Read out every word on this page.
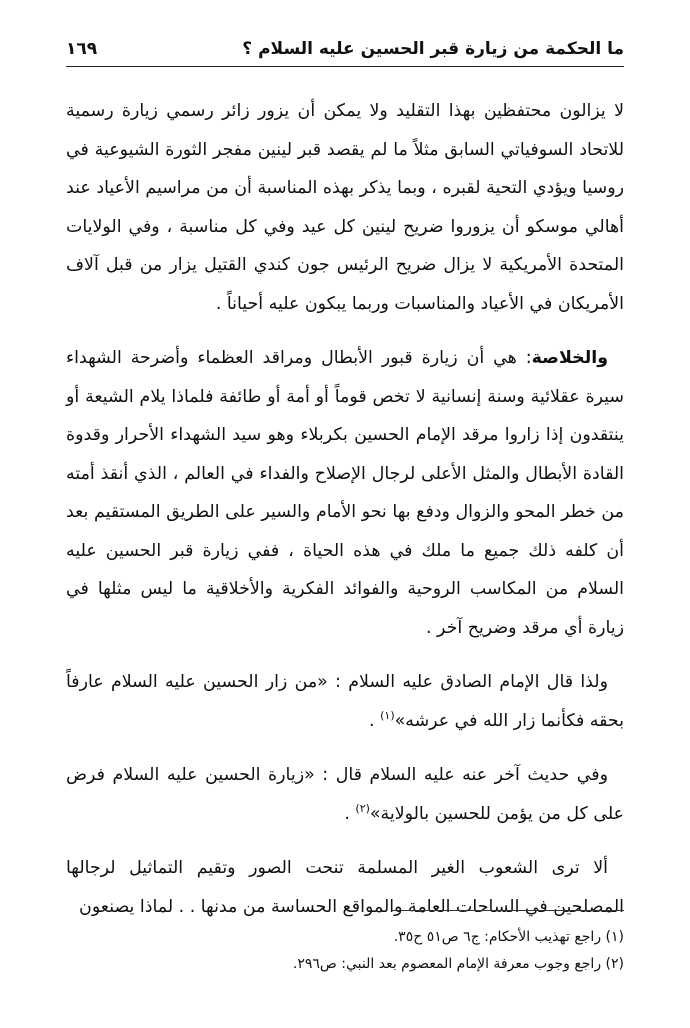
ما الحكمة من زيارة قبر الحسين عليه السلام ؟
١٦٩

لا يزالون محتفظين بهذا التقليد ولا يمكن أن يزور زائر رسمي زيارة رسمية للاتحاد السوفياتي السابق مثلاً ما لم يقصد قبر لينين مفجر الثورة الشيوعية في روسيا ويؤدي التحية لقبره ، وبما يذكر بهذه المناسبة أن من مراسيم الأعياد عند أهالي موسكو أن يزوروا ضريح لينين كل عيد وفي كل مناسبة ، وفي الولايات المتحدة الأمريكية لا يزال ضريح الرئيس جون كندي القتيل يزار من قبل آلاف الأمريكان في الأعياد والمناسبات وربما يبكون عليه أحياناً .

والخلاصة: هي أن زيارة قبور الأبطال ومراقد العظماء وأضرحة الشهداء سيرة عقلائية وسنة إنسانية لا تخص قوماً أو أمة أو طائفة فلماذا يلام الشيعة أو ينتقدون إذا زاروا مرقد الإمام الحسين بكربلاء وهو سيد الشهداء الأحرار وقدوة القادة الأبطال والمثل الأعلى لرجال الإصلاح والفداء في العالم ، الذي أنقذ أمته من خطر المحو والزوال ودفع بها نحو الأمام والسير على الطريق المستقيم بعد أن كلفه ذلك جميع ما ملك في هذه الحياة ، ففي زيارة قبر الحسين عليه السلام من المكاسب الروحية والفوائد الفكرية والأخلاقية ما ليس مثلها في زيارة أي مرقد وضريح آخر .

ولذا قال الإمام الصادق عليه السلام : «من زار الحسين عليه السلام عارفاً بحقه فكأنما زار الله في عرشه»$^{(١)}$ .

وفي حديث آخر عنه عليه السلام قال : «زيارة الحسين عليه السلام فرض على كل من يؤمن للحسين بالولاية»$^{(٢)}$ .

ألا ترى الشعوب الغير المسلمة تنحت الصور وتقيم التماثيل لرجالها المصلحين في الساحات العامة والمواقع الحساسة من مدنها . . لماذا يصنعون

(١) راجع تهذيب الأحكام: ج٦ ص٥١ ح٣٥.
(٢) راجع وجوب معرفة الإمام المعصوم بعد النبي: ص٢٩٦.
